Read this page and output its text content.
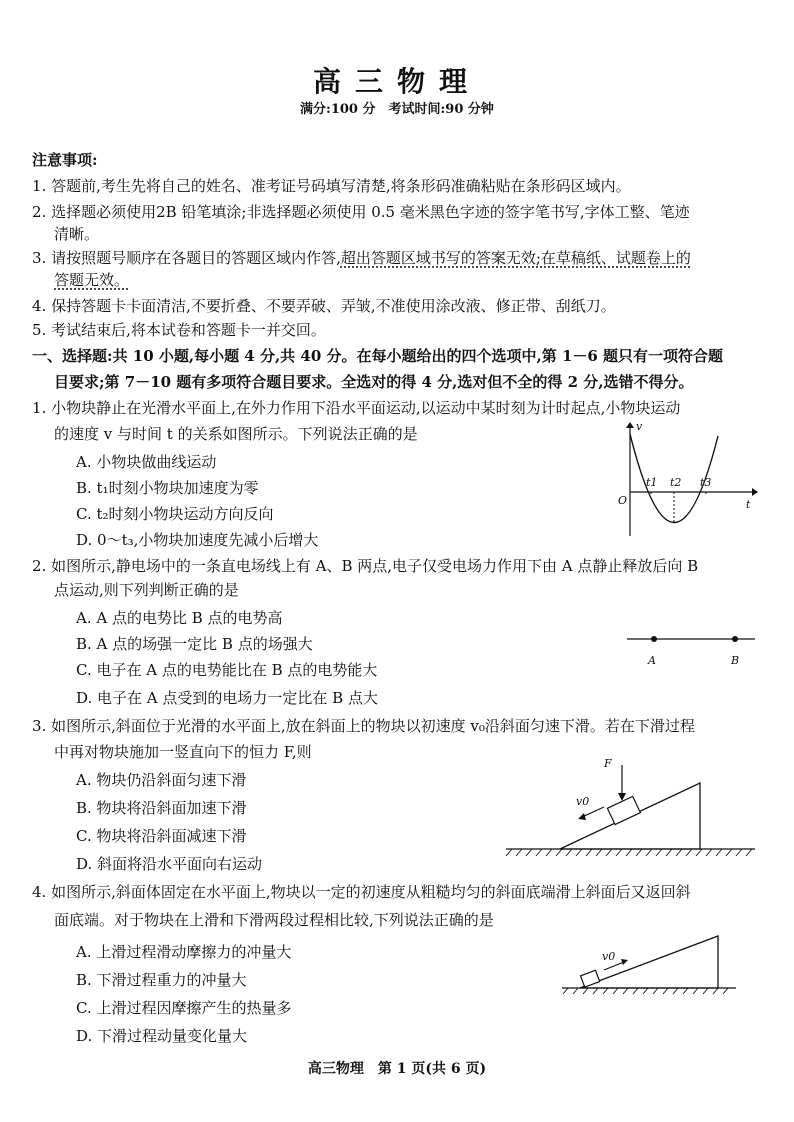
高三物理
满分:100 分　考试时间:90 分钟
注意事项:
1. 答题前,考生先将自己的姓名、准考证号码填写清楚,将条形码准确粘贴在条形码区域内。
2. 选择题必须使用2B 铅笔填涂;非选择题必须使用 0.5 毫米黑色字迹的签字笔书写,字体工整、笔迹
清晰。
3. 请按照题号顺序在各题目的答题区域内作答,超出答题区域书写的答案无效;在草稿纸、试题卷上的
答题无效。
4. 保持答题卡卡面清洁,不要折叠、不要弄破、弄皱,不准使用涂改液、修正带、刮纸刀。
5. 考试结束后,将本试卷和答题卡一并交回。
一、选择题:共 10 小题,每小题 4 分,共 40 分。在每小题给出的四个选项中,第 1－6 题只有一项符合题
目要求;第 7－10 题有多项符合题目要求。全选对的得 4 分,选对但不全的得 2 分,选错不得分。
1. 小物块静止在光滑水平面上,在外力作用下沿水平面运动,以运动中某时刻为计时起点,小物块运动
的速度 v 与时间 t 的关系如图所示。下列说法正确的是
A. 小物块做曲线运动
B. t₁时刻小物块加速度为零
C. t₂时刻小物块运动方向反向
D. 0～t₃,小物块加速度先减小后增大
v
t
O
t1 t2 t3
2. 如图所示,静电场中的一条直电场线上有 A、B 两点,电子仅受电场力作用下由 A 点静止释放后向 B
点运动,则下列判断正确的是
A. A 点的电势比 B 点的电势高
B. A 点的场强一定比 B 点的场强大
C. 电子在 A 点的电势能比在 B 点的电势能大
D. 电子在 A 点受到的电场力一定比在 B 点大
A	B
3. 如图所示,斜面位于光滑的水平面上,放在斜面上的物块以初速度 v₀沿斜面匀速下滑。若在下滑过程
中再对物块施加一竖直向下的恒力 F,则
A. 物块仍沿斜面匀速下滑
B. 物块将沿斜面加速下滑
C. 物块将沿斜面减速下滑
D. 斜面将沿水平面向右运动
F
v0
4. 如图所示,斜面体固定在水平面上,物块以一定的初速度从粗糙均匀的斜面底端滑上斜面后又返回斜
面底端。对于物块在上滑和下滑两段过程相比较,下列说法正确的是
A. 上滑过程滑动摩擦力的冲量大
B. 下滑过程重力的冲量大
C. 上滑过程因摩擦产生的热量多
D. 下滑过程动量变化量大
v0
高三物理　第 1 页(共 6 页)
